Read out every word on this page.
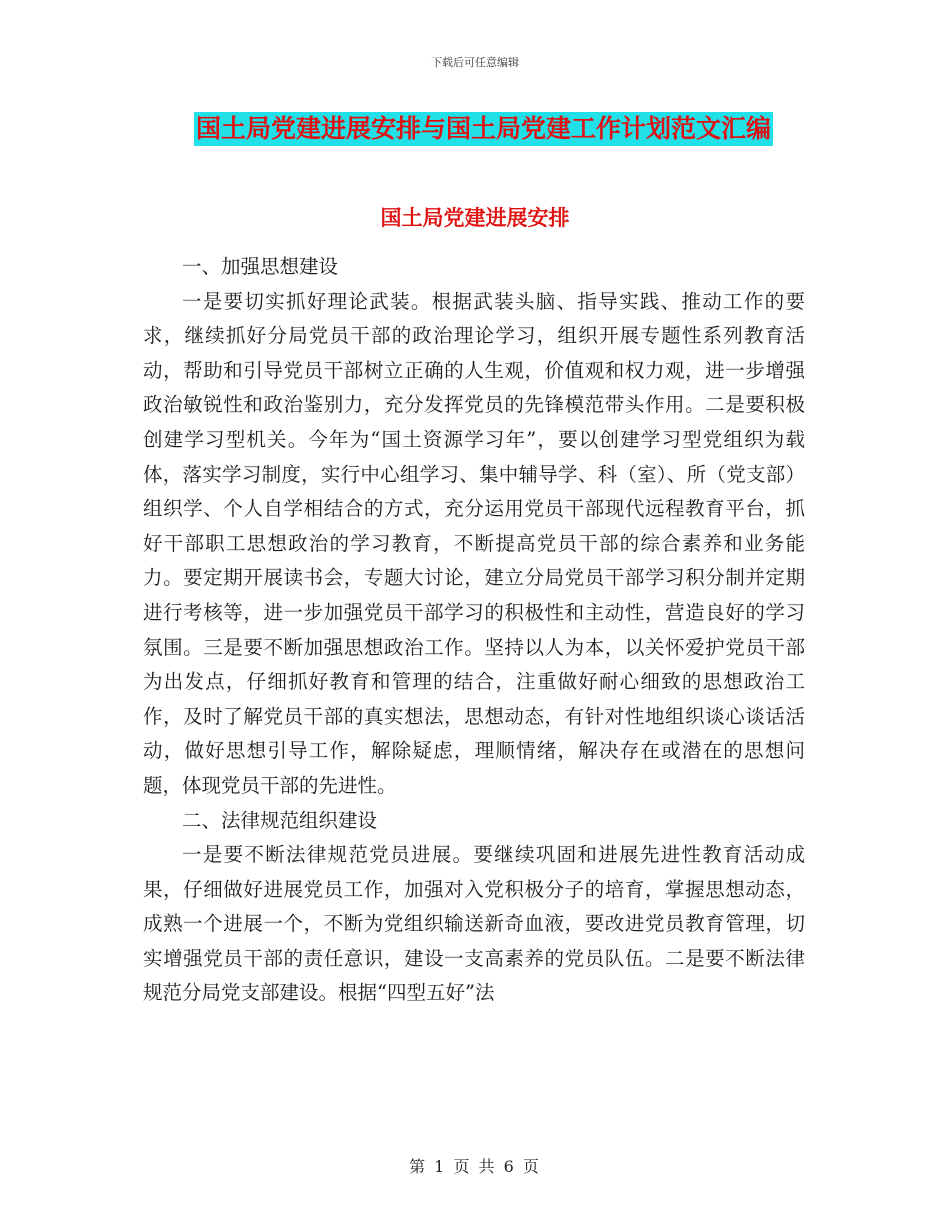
下载后可任意编辑
国土局党建进展安排与国土局党建工作计划范文汇编
国土局党建进展安排

一、加强思想建设

一是要切实抓好理论武装。根据武装头脑、指导实践、推动工作的要求，继续抓好分局党员干部的政治理论学习，组织开展专题性系列教育活动，帮助和引导党员干部树立正确的人生观，价值观和权力观，进一步增强政治敏锐性和政治鉴别力，充分发挥党员的先锋模范带头作用。二是要积极创建学习型机关。今年为“国土资源学习年”，要以创建学习型党组织为载体，落实学习制度，实行中心组学习、集中辅导学、科（室）、所（党支部）组织学、个人自学相结合的方式，充分运用党员干部现代远程教育平台，抓好干部职工思想政治的学习教育，不断提高党员干部的综合素养和业务能力。要定期开展读书会，专题大讨论，建立分局党员干部学习积分制并定期进行考核等，进一步加强党员干部学习的积极性和主动性，营造良好的学习氛围。三是要不断加强思想政治工作。坚持以人为本，以关怀爱护党员干部为出发点，仔细抓好教育和管理的结合，注重做好耐心细致的思想政治工作，及时了解党员干部的真实想法，思想动态，有针对性地组织谈心谈话活动，做好思想引导工作，解除疑虑，理顺情绪，解决存在或潜在的思想问题，体现党员干部的先进性。

二、法律规范组织建设

一是要不断法律规范党员进展。要继续巩固和进展先进性教育活动成果，仔细做好进展党员工作，加强对入党积极分子的培育，掌握思想动态，成熟一个进展一个，不断为党组织输送新奇血液，要改进党员教育管理，切实增强党员干部的责任意识，建设一支高素养的党员队伍。二是要不断法律规范分局党支部建设。根据“四型五好”法

第 1 页 共 6 页
